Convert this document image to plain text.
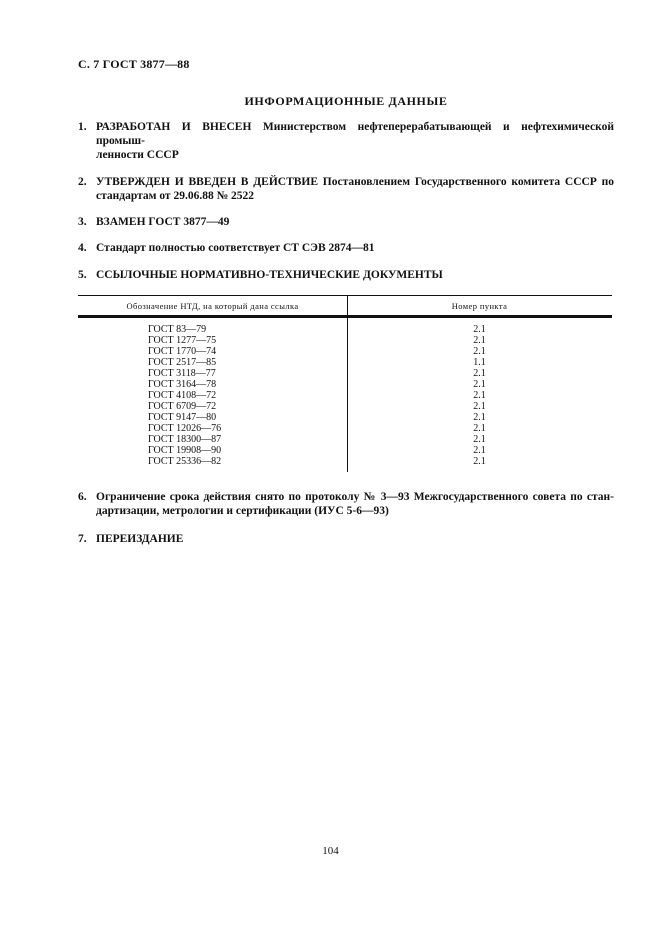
С. 7 ГОСТ 3877—88
ИНФОРМАЦИОННЫЕ ДАННЫЕ
1. РАЗРАБОТАН И ВНЕСЕН Министерством нефтеперерабатывающей и нефтехимической промыш-
ленности СССР
2. УТВЕРЖДЕН И ВВЕДЕН В ДЕЙСТВИЕ Постановлением Государственного комитета СССР по
стандартам от 29.06.88 № 2522
3. ВЗАМЕН ГОСТ 3877—49
4. Стандарт полностью соответствует СТ СЭВ 2874—81
5. ССЫЛОЧНЫЕ НОРМАТИВНО-ТЕХНИЧЕСКИЕ ДОКУМЕНТЫ
Обозначение НТД, на который дана ссылка	Номер пункта
ГОСТ 83—79	2.1
ГОСТ 1277—75	2.1
ГОСТ 1770—74	2.1
ГОСТ 2517—85	1.1
ГОСТ 3118—77	2.1
ГОСТ 3164—78	2.1
ГОСТ 4108—72	2.1
ГОСТ 6709—72	2.1
ГОСТ 9147—80	2.1
ГОСТ 12026—76	2.1
ГОСТ 18300—87	2.1
ГОСТ 19908—90	2.1
ГОСТ 25336—82	2.1
6. Ограничение срока действия снято по протоколу № 3—93 Межгосударственного совета по стан-
дартизации, метрологии и сертификации (ИУС 5-6—93)
7. ПЕРЕИЗДАНИЕ
104
